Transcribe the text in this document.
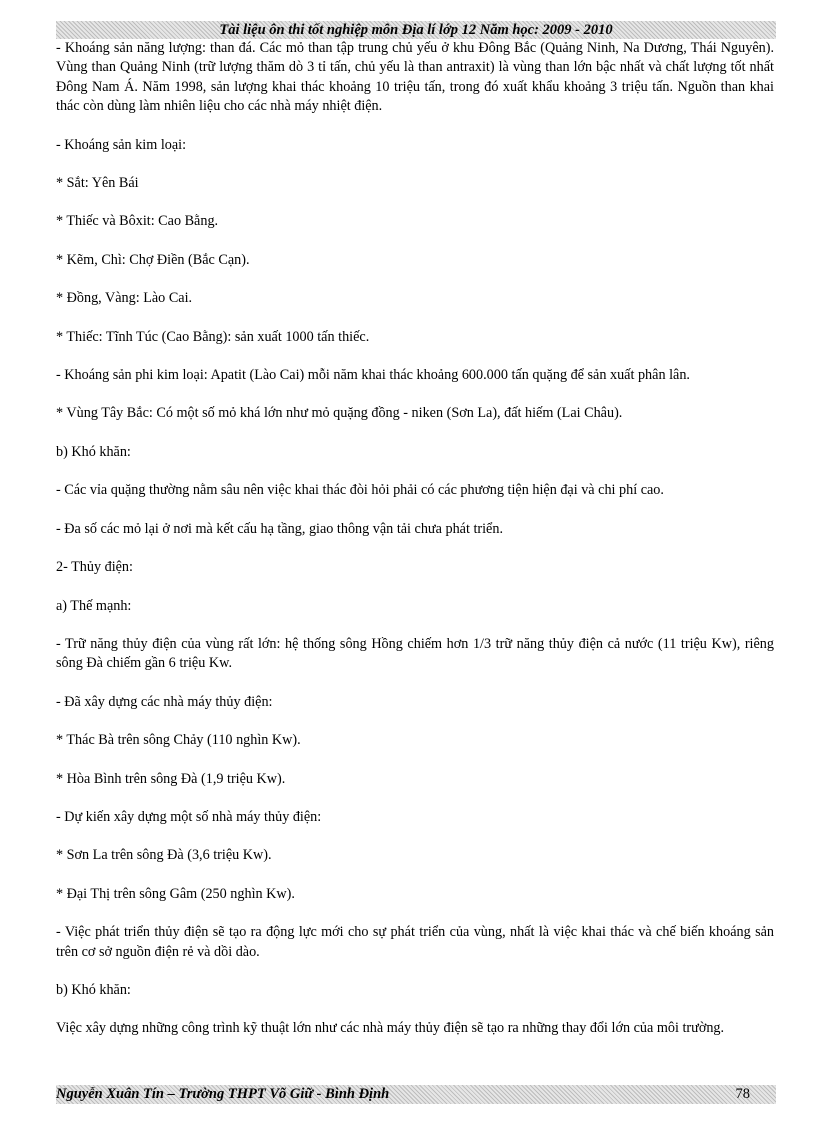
Tài liệu ôn thi tốt nghiệp môn Địa lí lớp 12 Năm học: 2009 - 2010

- Khoáng sản năng lượng: than đá. Các mỏ than tập trung chủ yếu ở khu Đông Bắc (Quảng Ninh, Na Dương, Thái Nguyên). Vùng than Quảng Ninh (trữ lượng thăm dò 3 tỉ tấn, chủ yếu là than antraxit) là vùng than lớn bậc nhất và chất lượng tốt nhất Đông Nam Á. Năm 1998, sản lượng khai thác khoảng 10 triệu tấn, trong đó xuất khẩu khoảng 3 triệu tấn. Nguồn than khai thác còn dùng làm nhiên liệu cho các nhà máy nhiệt điện.

- Khoáng sản kim loại:

* Sắt: Yên Bái

* Thiếc và Bôxit: Cao Bằng.

* Kẽm, Chì: Chợ Điền (Bắc Cạn).

* Đồng, Vàng: Lào Cai.

* Thiếc: Tĩnh Túc (Cao Bằng): sản xuất 1000 tấn thiếc.

- Khoáng sản phi kim loại: Apatit (Lào Cai) mỗi năm khai thác khoảng 600.000 tấn quặng để sản xuất phân lân.

* Vùng Tây Bắc: Có một số mỏ khá lớn như mỏ quặng đồng - niken (Sơn La), đất hiếm (Lai Châu).

b) Khó khăn:

- Các vỉa quặng thường nằm sâu nên việc khai thác đòi hỏi phải có các phương tiện hiện đại và chi phí cao.

- Đa số các mỏ lại ở nơi mà kết cấu hạ tầng, giao thông vận tải chưa phát triển.

2- Thủy điện:

a) Thế mạnh:

- Trữ năng thủy điện của vùng rất lớn: hệ thống sông Hồng chiếm hơn 1/3 trữ năng thủy điện cả nước (11 triệu Kw), riêng sông Đà chiếm gần 6 triệu Kw.

- Đã xây dựng các nhà máy thủy điện:

* Thác Bà trên sông Chảy (110 nghìn Kw).

* Hòa Bình trên sông Đà (1,9 triệu Kw).

- Dự kiến xây dựng một số nhà máy thủy điện:

* Sơn La trên sông Đà (3,6 triệu Kw).

* Đại Thị trên sông Gâm (250 nghìn Kw).

- Việc phát triển thủy điện sẽ tạo ra động lực mới cho sự phát triển của vùng, nhất là việc khai thác và chế biến khoáng sản trên cơ sở nguồn điện rẻ và dồi dào.

b) Khó khăn:

Việc xây dựng những công trình kỹ thuật lớn như các nhà máy thủy điện sẽ tạo ra những thay đổi lớn của môi trường.

Nguyễn Xuân Tín – Trường THPT Võ Giữ - Bình Định	78
